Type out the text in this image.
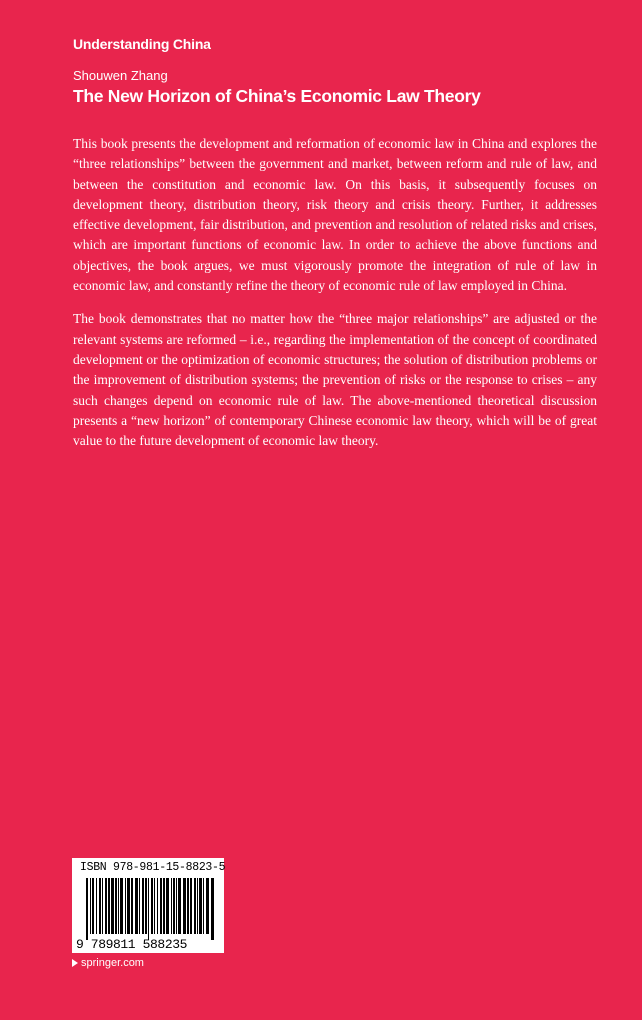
Understanding China
Shouwen Zhang
The New Horizon of China’s Economic Law Theory

This book presents the development and reformation of economic law in China and explores the “three relationships” between the government and market, between reform and rule of law, and between the constitution and economic law. On this basis, it subsequently focuses on development theory, distribution theory, risk theory and crisis theory. Further, it addresses effective development, fair distribution, and prevention and resolution of related risks and crises, which are important functions of economic law. In order to achieve the above functions and objectives, the book argues, we must vigorously promote the integration of rule of law in economic law, and constantly refine the theory of economic rule of law employed in China.

The book demonstrates that no matter how the “three major relationships” are adjusted or the relevant systems are reformed – i.e., regarding the implementation of the concept of coordinated development or the optimization of economic structures; the solution of distribution problems or the improvement of distribution systems; the prevention of risks or the response to crises – any such changes depend on economic rule of law. The above-mentioned theoretical discussion presents a “new horizon” of contemporary Chinese economic law theory, which will be of great value to the future development of economic law theory.

ISBN 978-981-15-8823-5
9 789811 588235
springer.com
